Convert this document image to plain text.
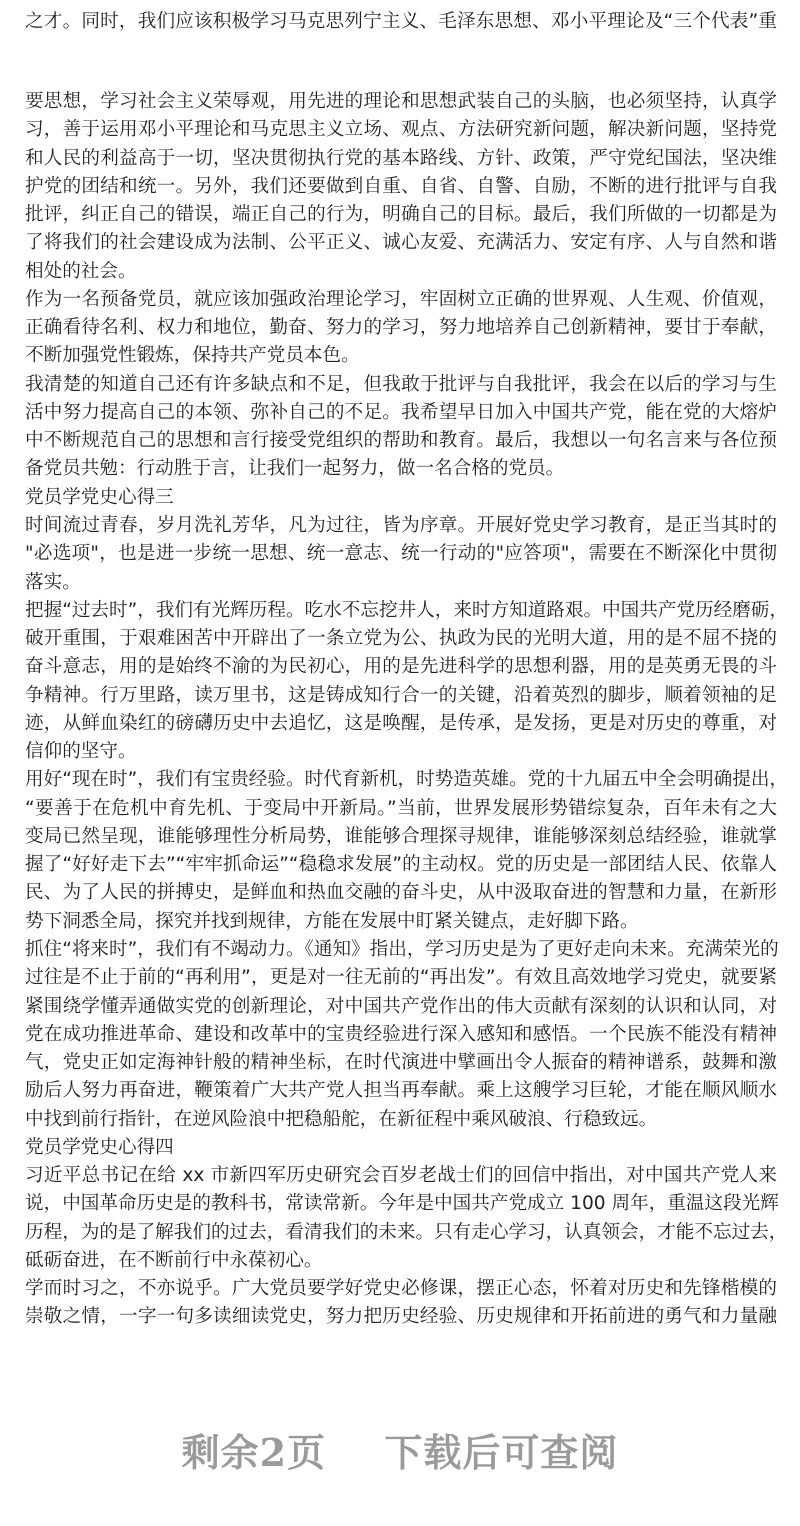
之才。同时，我们应该积极学习马克思列宁主义、毛泽东思想、邓小平理论及“三个代表”重
要思想，学习社会主义荣辱观，用先进的理论和思想武装自己的头脑，也必须坚持，认真学
习，善于运用邓小平理论和马克思主义立场、观点、方法研究新问题，解决新问题，坚持党
和人民的利益高于一切，坚决贯彻执行党的基本路线、方针、政策，严守党纪国法，坚决维
护党的团结和统一。另外，我们还要做到自重、自省、自警、自励，不断的进行批评与自我
批评，纠正自己的错误，端正自己的行为，明确自己的目标。最后，我们所做的一切都是为
了将我们的社会建设成为法制、公平正义、诚心友爱、充满活力、安定有序、人与自然和谐
相处的社会。
作为一名预备党员，就应该加强政治理论学习，牢固树立正确的世界观、人生观、价值观，
正确看待名利、权力和地位，勤奋、努力的学习，努力地培养自己创新精神，要甘于奉献，
不断加强党性锻炼，保持共产党员本色。
我清楚的知道自己还有许多缺点和不足，但我敢于批评与自我批评，我会在以后的学习与生
活中努力提高自己的本领、弥补自己的不足。我希望早日加入中国共产党，能在党的大熔炉
中不断规范自己的思想和言行接受党组织的帮助和教育。最后，我想以一句名言来与各位预
备党员共勉：行动胜于言，让我们一起努力，做一名合格的党员。
党员学党史心得三
时间流过青春，岁月洗礼芳华，凡为过往，皆为序章。开展好党史学习教育，是正当其时的
"必选项"，也是进一步统一思想、统一意志、统一行动的"应答项"，需要在不断深化中贯彻
落实。
把握“过去时”，我们有光辉历程。吃水不忘挖井人，来时方知道路艰。中国共产党历经磨砺，
破开重围，于艰难困苦中开辟出了一条立党为公、执政为民的光明大道，用的是不屈不挠的
奋斗意志，用的是始终不渝的为民初心，用的是先进科学的思想利器，用的是英勇无畏的斗
争精神。行万里路，读万里书，这是铸成知行合一的关键，沿着英烈的脚步，顺着领袖的足
迹，从鲜血染红的磅礴历史中去追忆，这是唤醒，是传承，是发扬，更是对历史的尊重，对
信仰的坚守。
用好“现在时”，我们有宝贵经验。时代育新机，时势造英雄。党的十九届五中全会明确提出，
“要善于在危机中育先机、于变局中开新局。”当前，世界发展形势错综复杂，百年未有之大
变局已然呈现，谁能够理性分析局势，谁能够合理探寻规律，谁能够深刻总结经验，谁就掌
握了“好好走下去”“牢牢抓命运”“稳稳求发展”的主动权。党的历史是一部团结人民、依靠人
民、为了人民的拼搏史，是鲜血和热血交融的奋斗史，从中汲取奋进的智慧和力量，在新形
势下洞悉全局，探究并找到规律，方能在发展中盯紧关键点，走好脚下路。
抓住“将来时”，我们有不竭动力。《通知》指出，学习历史是为了更好走向未来。充满荣光的
过往是不止于前的“再利用”，更是对一往无前的“再出发”。有效且高效地学习党史，就要紧
紧围绕学懂弄通做实党的创新理论，对中国共产党作出的伟大贡献有深刻的认识和认同，对
党在成功推进革命、建设和改革中的宝贵经验进行深入感知和感悟。一个民族不能没有精神
气，党史正如定海神针般的精神坐标，在时代演进中擘画出令人振奋的精神谱系，鼓舞和激
励后人努力再奋进，鞭策着广大共产党人担当再奉献。乘上这艘学习巨轮，才能在顺风顺水
中找到前行指针，在逆风险浪中把稳船舵，在新征程中乘风破浪、行稳致远。
党员学党史心得四
习近平总书记在给 xx 市新四军历史研究会百岁老战士们的回信中指出，对中国共产党人来
说，中国革命历史是的教科书，常读常新。今年是中国共产党成立 100 周年，重温这段光辉
历程，为的是了解我们的过去，看清我们的未来。只有走心学习，认真领会，才能不忘过去，
砥砺奋进，在不断前行中永葆初心。
学而时习之，不亦说乎。广大党员要学好党史必修课，摆正心态，怀着对历史和先锋楷模的
崇敬之情，一字一句多读细读党史，努力把历史经验、历史规律和开拓前进的勇气和力量融
剩余2页 下载后可查阅
